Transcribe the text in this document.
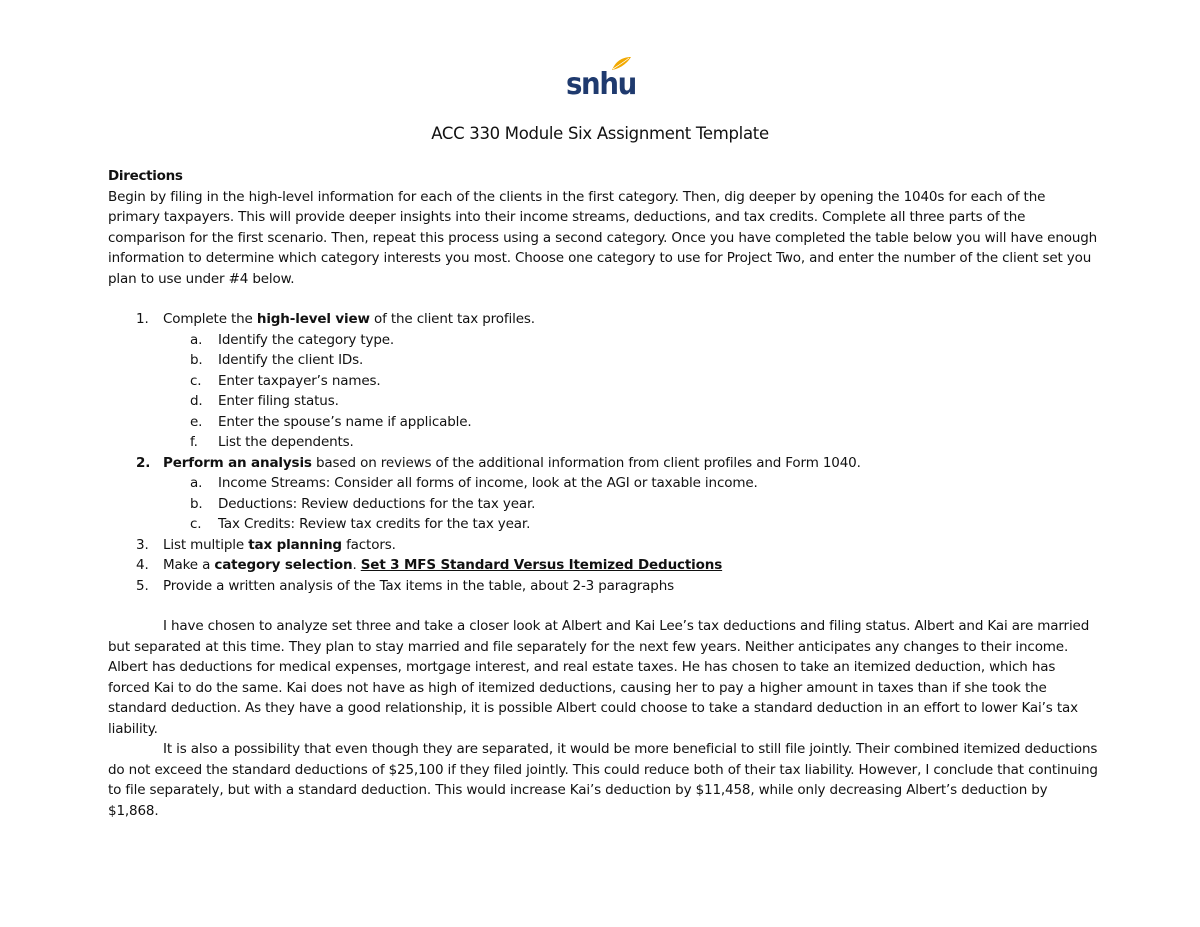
snhu
ACC 330 Module Six Assignment Template
Directions

Begin by filing in the high-level information for each of the clients in the first category. Then, dig deeper by opening the 1040s for each of the primary taxpayers. This will provide deeper insights into their income streams, deductions, and tax credits. Complete all three parts of the comparison for the first scenario. Then, repeat this process using a second category. Once you have completed the table below you will have enough information to determine which category interests you most. Choose one category to use for Project Two, and enter the number of the client set you plan to use under #4 below.

1. Complete the high-level view of the client tax profiles.
a. Identify the category type.
b. Identify the client IDs.
c. Enter taxpayer’s names.
d. Enter filing status.
e. Enter the spouse’s name if applicable.
f. List the dependents.
2. Perform an analysis based on reviews of the additional information from client profiles and Form 1040.
a. Income Streams: Consider all forms of income, look at the AGI or taxable income.
b. Deductions: Review deductions for the tax year.
c. Tax Credits: Review tax credits for the tax year.
3. List multiple tax planning factors.
4. Make a category selection. Set 3 MFS Standard Versus Itemized Deductions
5. Provide a written analysis of the Tax items in the table, about 2-3 paragraphs

I have chosen to analyze set three and take a closer look at Albert and Kai Lee’s tax deductions and filing status. Albert and Kai are married but separated at this time. They plan to stay married and file separately for the next few years. Neither anticipates any changes to their income. Albert has deductions for medical expenses, mortgage interest, and real estate taxes. He has chosen to take an itemized deduction, which has forced Kai to do the same. Kai does not have as high of itemized deductions, causing her to pay a higher amount in taxes than if she took the standard deduction. As they have a good relationship, it is possible Albert could choose to take a standard deduction in an effort to lower Kai’s tax liability.

It is also a possibility that even though they are separated, it would be more beneficial to still file jointly. Their combined itemized deductions do not exceed the standard deductions of $25,100 if they filed jointly. This could reduce both of their tax liability. However, I conclude that continuing to file separately, but with a standard deduction. This would increase Kai’s deduction by $11,458, while only decreasing Albert’s deduction by $1,868.
